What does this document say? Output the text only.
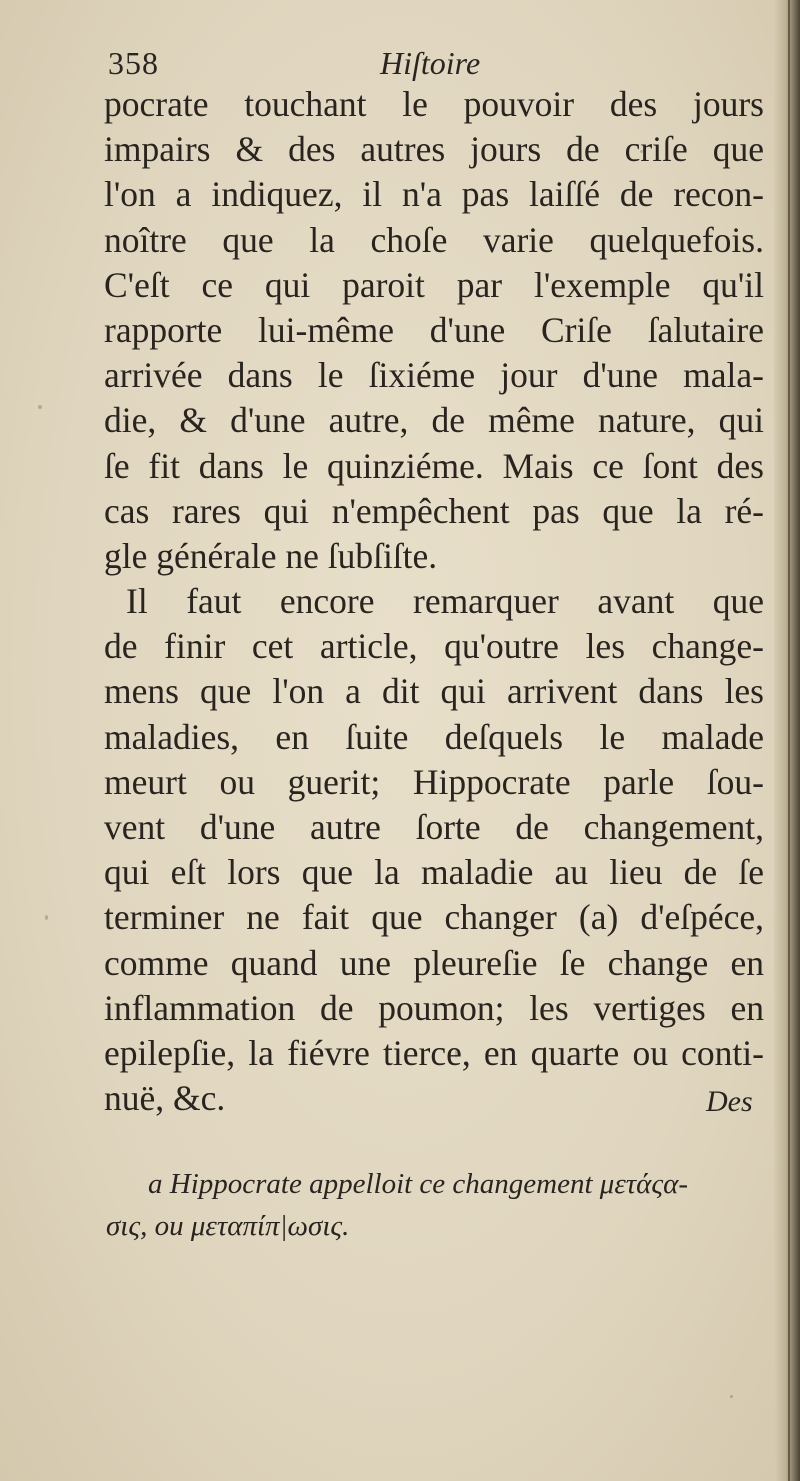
358	Hiſtoire
pocrate touchant le pouvoir des jours
impairs & des autres jours de criſe que
l'on a indiquez, il n'a pas laiſſé de recon-
noître que la choſe varie quelquefois.
C'eſt ce qui paroit par l'exemple qu'il
rapporte lui-même d'une Criſe ſalutaire
arrivée dans le ſixiéme jour d'une mala-
die, & d'une autre, de même nature, qui
ſe fit dans le quinziéme. Mais ce ſont des
cas rares qui n'empêchent pas que la ré-
gle générale ne ſubſiſte.
Il faut encore remarquer avant que
de finir cet article, qu'outre les change-
mens que l'on a dit qui arrivent dans les
maladies, en ſuite deſquels le malade
meurt ou guerit; Hippocrate parle ſou-
vent d'une autre ſorte de changement,
qui eſt lors que la maladie au lieu de ſe
terminer ne fait que changer (a) d'eſpéce,
comme quand une pleureſie ſe change en
inflammation de poumon; les vertiges en
epilepſie, la fiévre tierce, en quarte ou conti-
nuë, &c.	Des
a Hippocrate appelloit ce changement μετάςα-
σις, ou μεταπίπ|ωσις.
